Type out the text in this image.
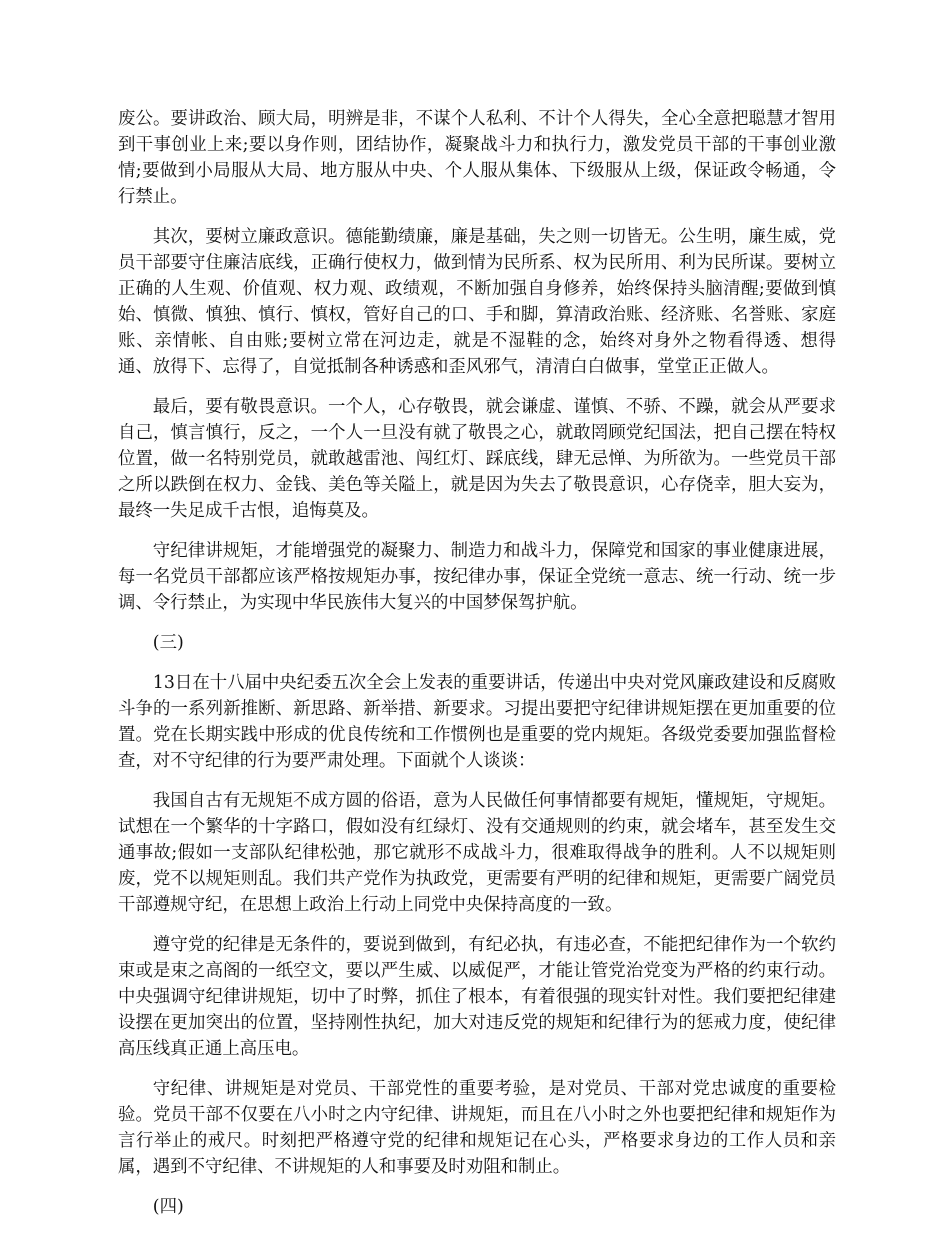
废公。要讲政治、顾大局，明辨是非，不谋个人私利、不计个人得失，全心全意把聪慧才智用到干事创业上来;要以身作则，团结协作，凝聚战斗力和执行力，激发党员干部的干事创业激情;要做到小局服从大局、地方服从中央、个人服从集体、下级服从上级，保证政令畅通，令行禁止。

其次，要树立廉政意识。德能勤绩廉，廉是基础，失之则一切皆无。公生明，廉生威，党员干部要守住廉洁底线，正确行使权力，做到情为民所系、权为民所用、利为民所谋。要树立正确的人生观、价值观、权力观、政绩观，不断加强自身修养，始终保持头脑清醒;要做到慎始、慎微、慎独、慎行、慎权，管好自己的口、手和脚，算清政治账、经济账、名誉账、家庭账、亲情帐、自由账;要树立常在河边走，就是不湿鞋的念，始终对身外之物看得透、想得通、放得下、忘得了，自觉抵制各种诱惑和歪风邪气，清清白白做事，堂堂正正做人。

最后，要有敬畏意识。一个人，心存敬畏，就会谦虚、谨慎、不骄、不躁，就会从严要求自己，慎言慎行，反之，一个人一旦没有就了敬畏之心，就敢罔顾党纪国法，把自己摆在特权位置，做一名特别党员，就敢越雷池、闯红灯、踩底线，肆无忌惮、为所欲为。一些党员干部之所以跌倒在权力、金钱、美色等关隘上，就是因为失去了敬畏意识，心存侥幸，胆大妄为，最终一失足成千古恨，追悔莫及。

守纪律讲规矩，才能增强党的凝聚力、制造力和战斗力，保障党和国家的事业健康进展，每一名党员干部都应该严格按规矩办事，按纪律办事，保证全党统一意志、统一行动、统一步调、令行禁止，为实现中华民族伟大复兴的中国梦保驾护航。

(三)

13日在十八届中央纪委五次全会上发表的重要讲话，传递出中央对党风廉政建设和反腐败斗争的一系列新推断、新思路、新举措、新要求。习提出要把守纪律讲规矩摆在更加重要的位置。党在长期实践中形成的优良传统和工作惯例也是重要的党内规矩。各级党委要加强监督检查，对不守纪律的行为要严肃处理。下面就个人谈谈：

我国自古有无规矩不成方圆的俗语，意为人民做任何事情都要有规矩，懂规矩，守规矩。试想在一个繁华的十字路口，假如没有红绿灯、没有交通规则的约束，就会堵车，甚至发生交通事故;假如一支部队纪律松弛，那它就形不成战斗力，很难取得战争的胜利。人不以规矩则废，党不以规矩则乱。我们共产党作为执政党，更需要有严明的纪律和规矩，更需要广阔党员干部遵规守纪，在思想上政治上行动上同党中央保持高度的一致。

遵守党的纪律是无条件的，要说到做到，有纪必执，有违必查，不能把纪律作为一个软约束或是束之高阁的一纸空文，要以严生威、以威促严，才能让管党治党变为严格的约束行动。中央强调守纪律讲规矩，切中了时弊，抓住了根本，有着很强的现实针对性。我们要把纪律建设摆在更加突出的位置，坚持刚性执纪，加大对违反党的规矩和纪律行为的惩戒力度，使纪律高压线真正通上高压电。

守纪律、讲规矩是对党员、干部党性的重要考验，是对党员、干部对党忠诚度的重要检验。党员干部不仅要在八小时之内守纪律、讲规矩，而且在八小时之外也要把纪律和规矩作为言行举止的戒尺。时刻把严格遵守党的纪律和规矩记在心头，严格要求身边的工作人员和亲属，遇到不守纪律、不讲规矩的人和事要及时劝阻和制止。

(四)
